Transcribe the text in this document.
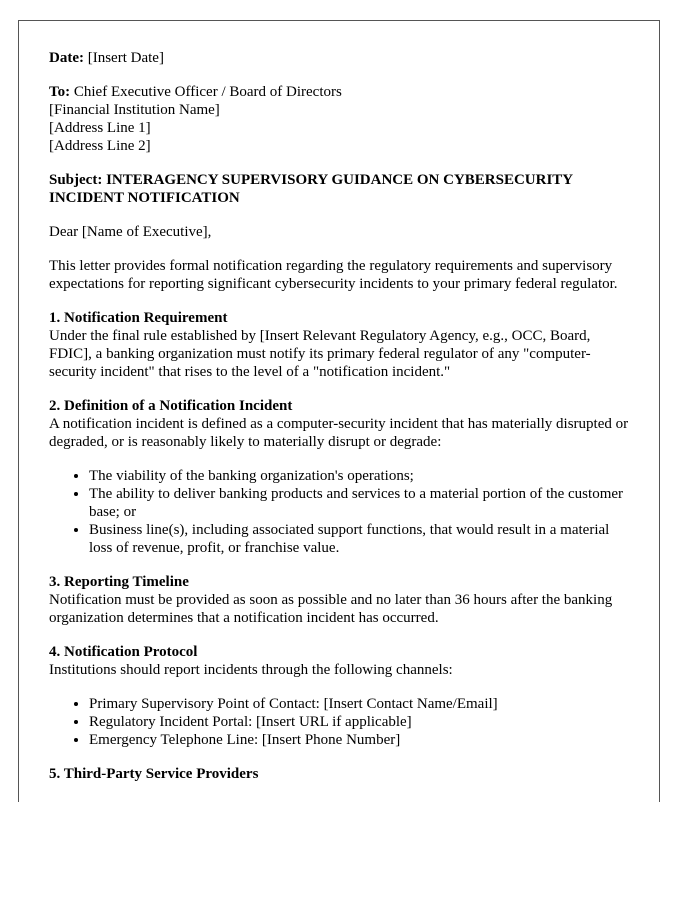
Date: [Insert Date]

To: Chief Executive Officer / Board of Directors
[Financial Institution Name]
[Address Line 1]
[Address Line 2]

Subject: INTERAGENCY SUPERVISORY GUIDANCE ON CYBERSECURITY INCIDENT NOTIFICATION

Dear [Name of Executive],

This letter provides formal notification regarding the regulatory requirements and supervisory expectations for reporting significant cybersecurity incidents to your primary federal regulator.

1. Notification Requirement
Under the final rule established by [Insert Relevant Regulatory Agency, e.g., OCC, Board, FDIC], a banking organization must notify its primary federal regulator of any "computer-security incident" that rises to the level of a "notification incident."
2. Definition of a Notification Incident
A notification incident is defined as a computer-security incident that has materially disrupted or degraded, or is reasonably likely to materially disrupt or degrade:
• The viability of the banking organization's operations;
• The ability to deliver banking products and services to a material portion of the customer base; or
• Business line(s), including associated support functions, that would result in a material loss of revenue, profit, or franchise value.
3. Reporting Timeline
Notification must be provided as soon as possible and no later than 36 hours after the banking organization determines that a notification incident has occurred.
4. Notification Protocol
Institutions should report incidents through the following channels:
• Primary Supervisory Point of Contact: [Insert Contact Name/Email]
• Regulatory Incident Portal: [Insert URL if applicable]
• Emergency Telephone Line: [Insert Phone Number]
5. Third-Party Service Providers
